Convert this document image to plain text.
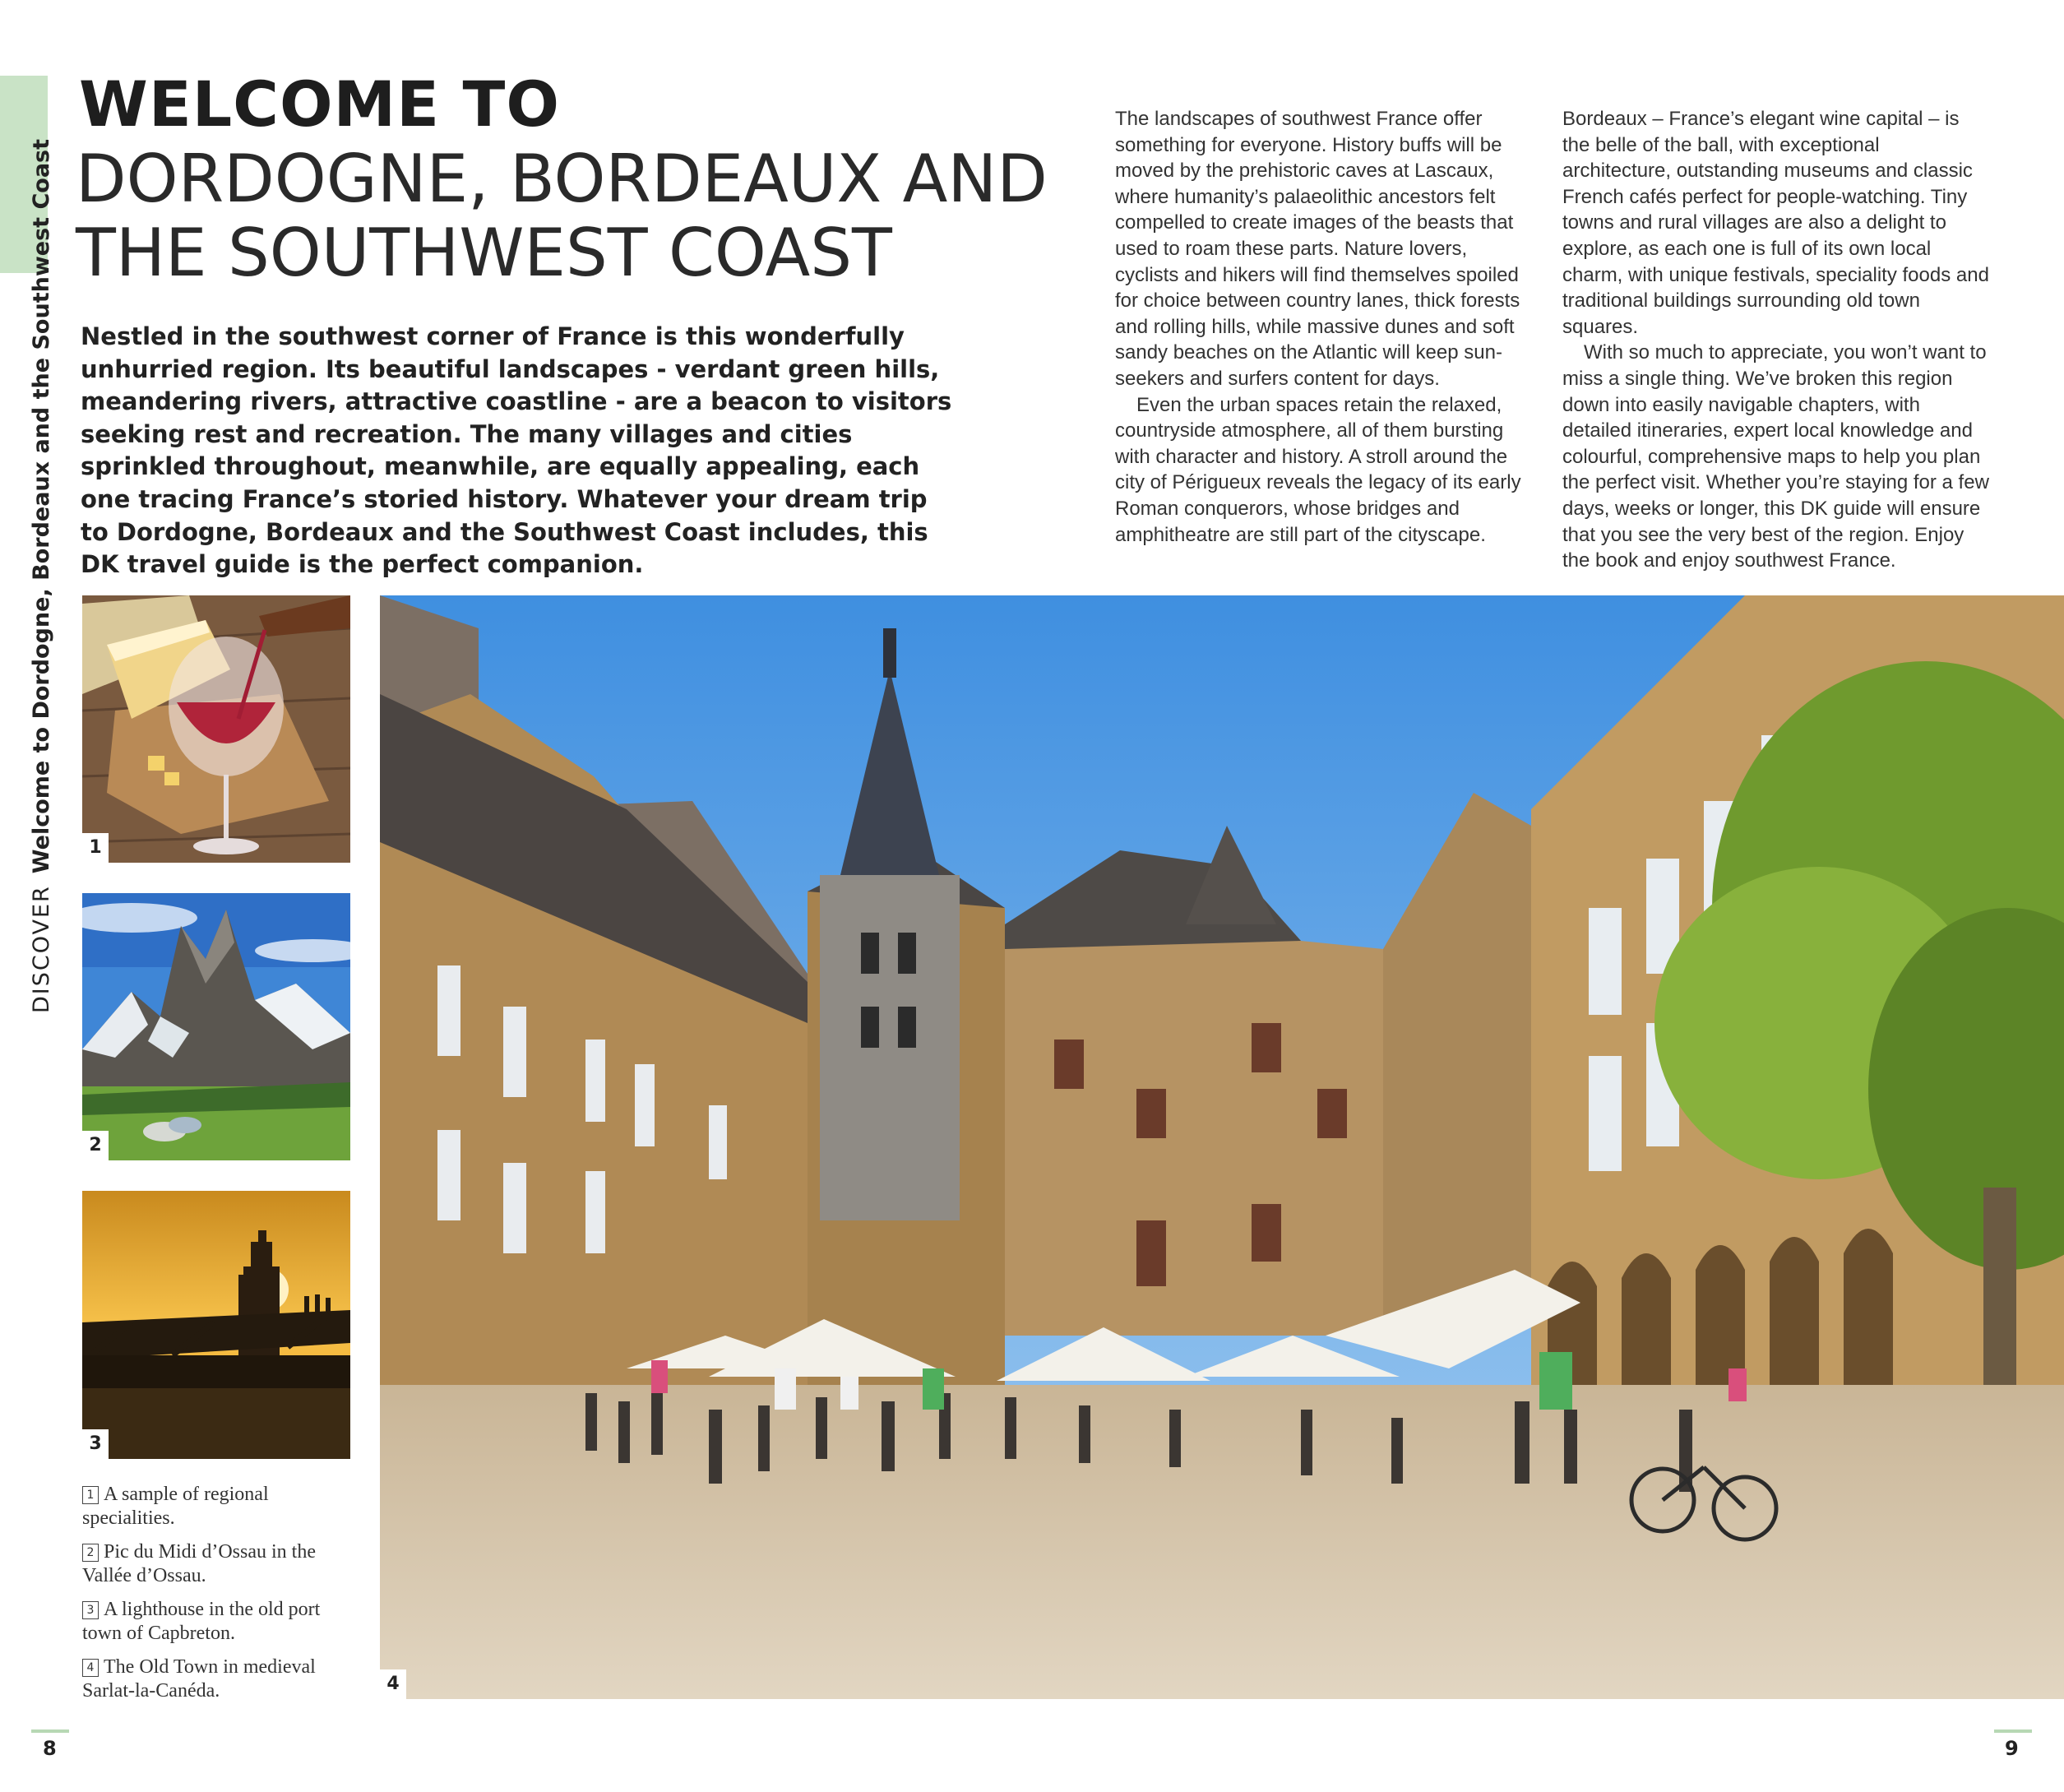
DISCOVERWelcome to Dordogne, Bordeaux and the Southwest Coast
WELCOME TO
DORDOGNE, BORDEAUX AND
THE SOUTHWEST COAST
Nestled in the southwest corner of France is this wonderfully unhurried region. Its beautiful landscapes - verdant green hills, meandering rivers, attractive coastline - are a beacon to visitors seeking rest and recreation. The many villages and cities sprinkled throughout, meanwhile, are equally appealing, each one tracing France’s storied history. Whatever your dream trip to Dordogne, Bordeaux and the Southwest Coast includes, this DK travel guide is the perfect companion.

The landscapes of southwest France offer something for everyone. History buffs will be moved by the prehistoric caves at Lascaux, where humanity’s palaeolithic ancestors felt compelled to create images of the beasts that used to roam these parts. Nature lovers, cyclists and hikers will find themselves spoiled for choice between country lanes, thick forests and rolling hills, while massive dunes and soft sandy beaches on the Atlantic will keep sun-seekers and surfers content for days.

Even the urban spaces retain the relaxed, countryside atmosphere, all of them bursting with character and history. A stroll around the city of Périgueux reveals the legacy of its early Roman conquerors, whose bridges and amphitheatre are still part of the cityscape.

Bordeaux – France’s elegant wine capital – is the belle of the ball, with exceptional architecture, outstanding museums and classic French cafés perfect for people-watching. Tiny towns and rural villages are also a delight to explore, as each one is full of its own local charm, with unique festivals, speciality foods and traditional buildings surrounding old town squares.

With so much to appreciate, you won’t want to miss a single thing. We’ve broken this region down into easily navigable chapters, with detailed itineraries, expert local knowledge and colourful, comprehensive maps to help you plan the perfect visit. Whether you’re staying for a few days, weeks or longer, this DK guide will ensure that you see the very best of the region. Enjoy the book and enjoy southwest France.

1
2
3
4

1 A sample of regional specialities.

2 Pic du Midi d’Ossau in the Vallée d’Ossau.

3 A lighthouse in the old port town of Capbreton.

4 The Old Town in medieval Sarlat-la-Canéda.

8	9
